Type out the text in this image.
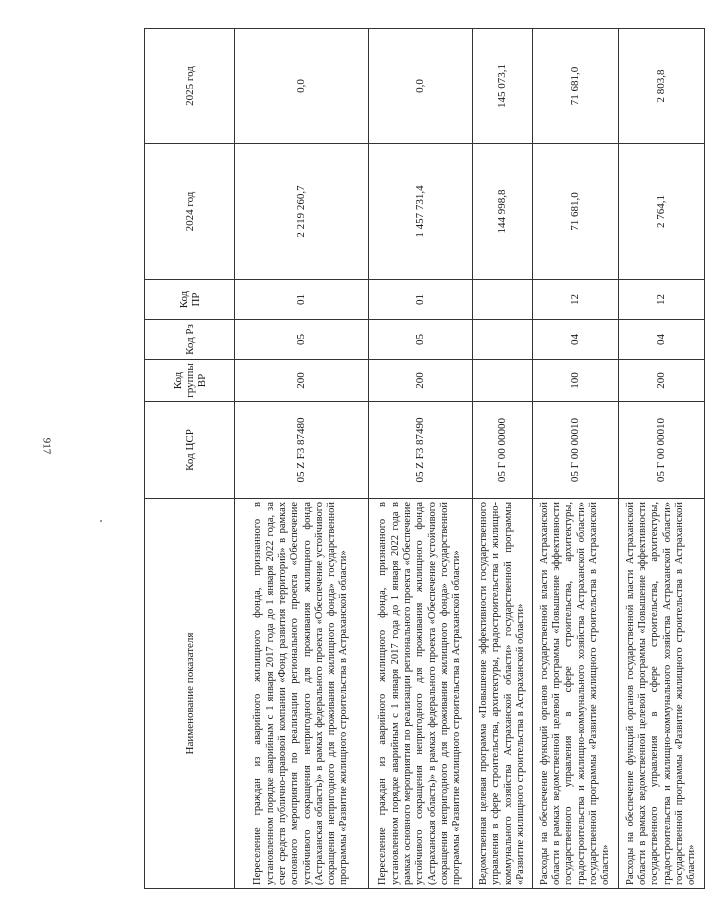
917
Наименование показателя	Код ЦСР	Код группы ВР	Код Рз	Код ПР	2024 год	2025 год
Переселение граждан из аварийного жилищного фонда, признанного в установленном порядке аварийным с 1 января 2017 года до 1 января 2022 года, за счет средств публично-правовой компании «Фонд развития территорий» в рамках основного мероприятия по реализации регионального проекта «Обеспечение устойчивого сокращения непригодного для проживания жилищного фонда (Астраханская область)» в рамках федерального проекта «Обеспечение устойчивого сокращения непригодного для проживания жилищного фонда» государственной программы «Развитие жилищного строительства в Астраханской области»	05 Z F3 87480	200	05	01	2 219 260,7	0,0
Переселение граждан из аварийного жилищного фонда, признанного в установленном порядке аварийным с 1 января 2017 года до 1 января 2022 года в рамках основного мероприятия по реализации регионального проекта «Обеспечение устойчивого сокращения непригодного для проживания жилищного фонда (Астраханская область)» в рамках федерального проекта «Обеспечение устойчивого сокращения непригодного для проживания жилищного фонда» государственной программы «Развитие жилищного строительства в Астраханской области»	05 Z F3 87490	200	05	01	1 457 731,4	0,0
Ведомственная целевая программа «Повышение эффективности государственного управления в сфере строительства, архитектуры, градостроительства и жилищно-коммунального хозяйства Астраханской области» государственной программы «Развитие жилищного строительства в Астраханской области»	05 Г 00 00000				144 998,8	145 073,1
Расходы на обеспечение функций органов государственной власти Астраханской области в рамках ведомственной целевой программы «Повышение эффективности государственного управления в сфере строительства, архитектуры, градостроительства и жилищно-коммунального хозяйства Астраханской области» государственной программы «Развитие жилищного строительства в Астраханской области»	05 Г 00 00010	100	04	12	71 681,0	71 681,0
Расходы на обеспечение функций органов государственной власти Астраханской области в рамках ведомственной целевой программы «Повышение эффективности государственного управления в сфере строительства, архитектуры, градостроительства и жилищно-коммунального хозяйства Астраханской области» государственной программы «Развитие жилищного строительства в Астраханской области»	05 Г 00 00010	200	04	12	2 764,1	2 803,8
